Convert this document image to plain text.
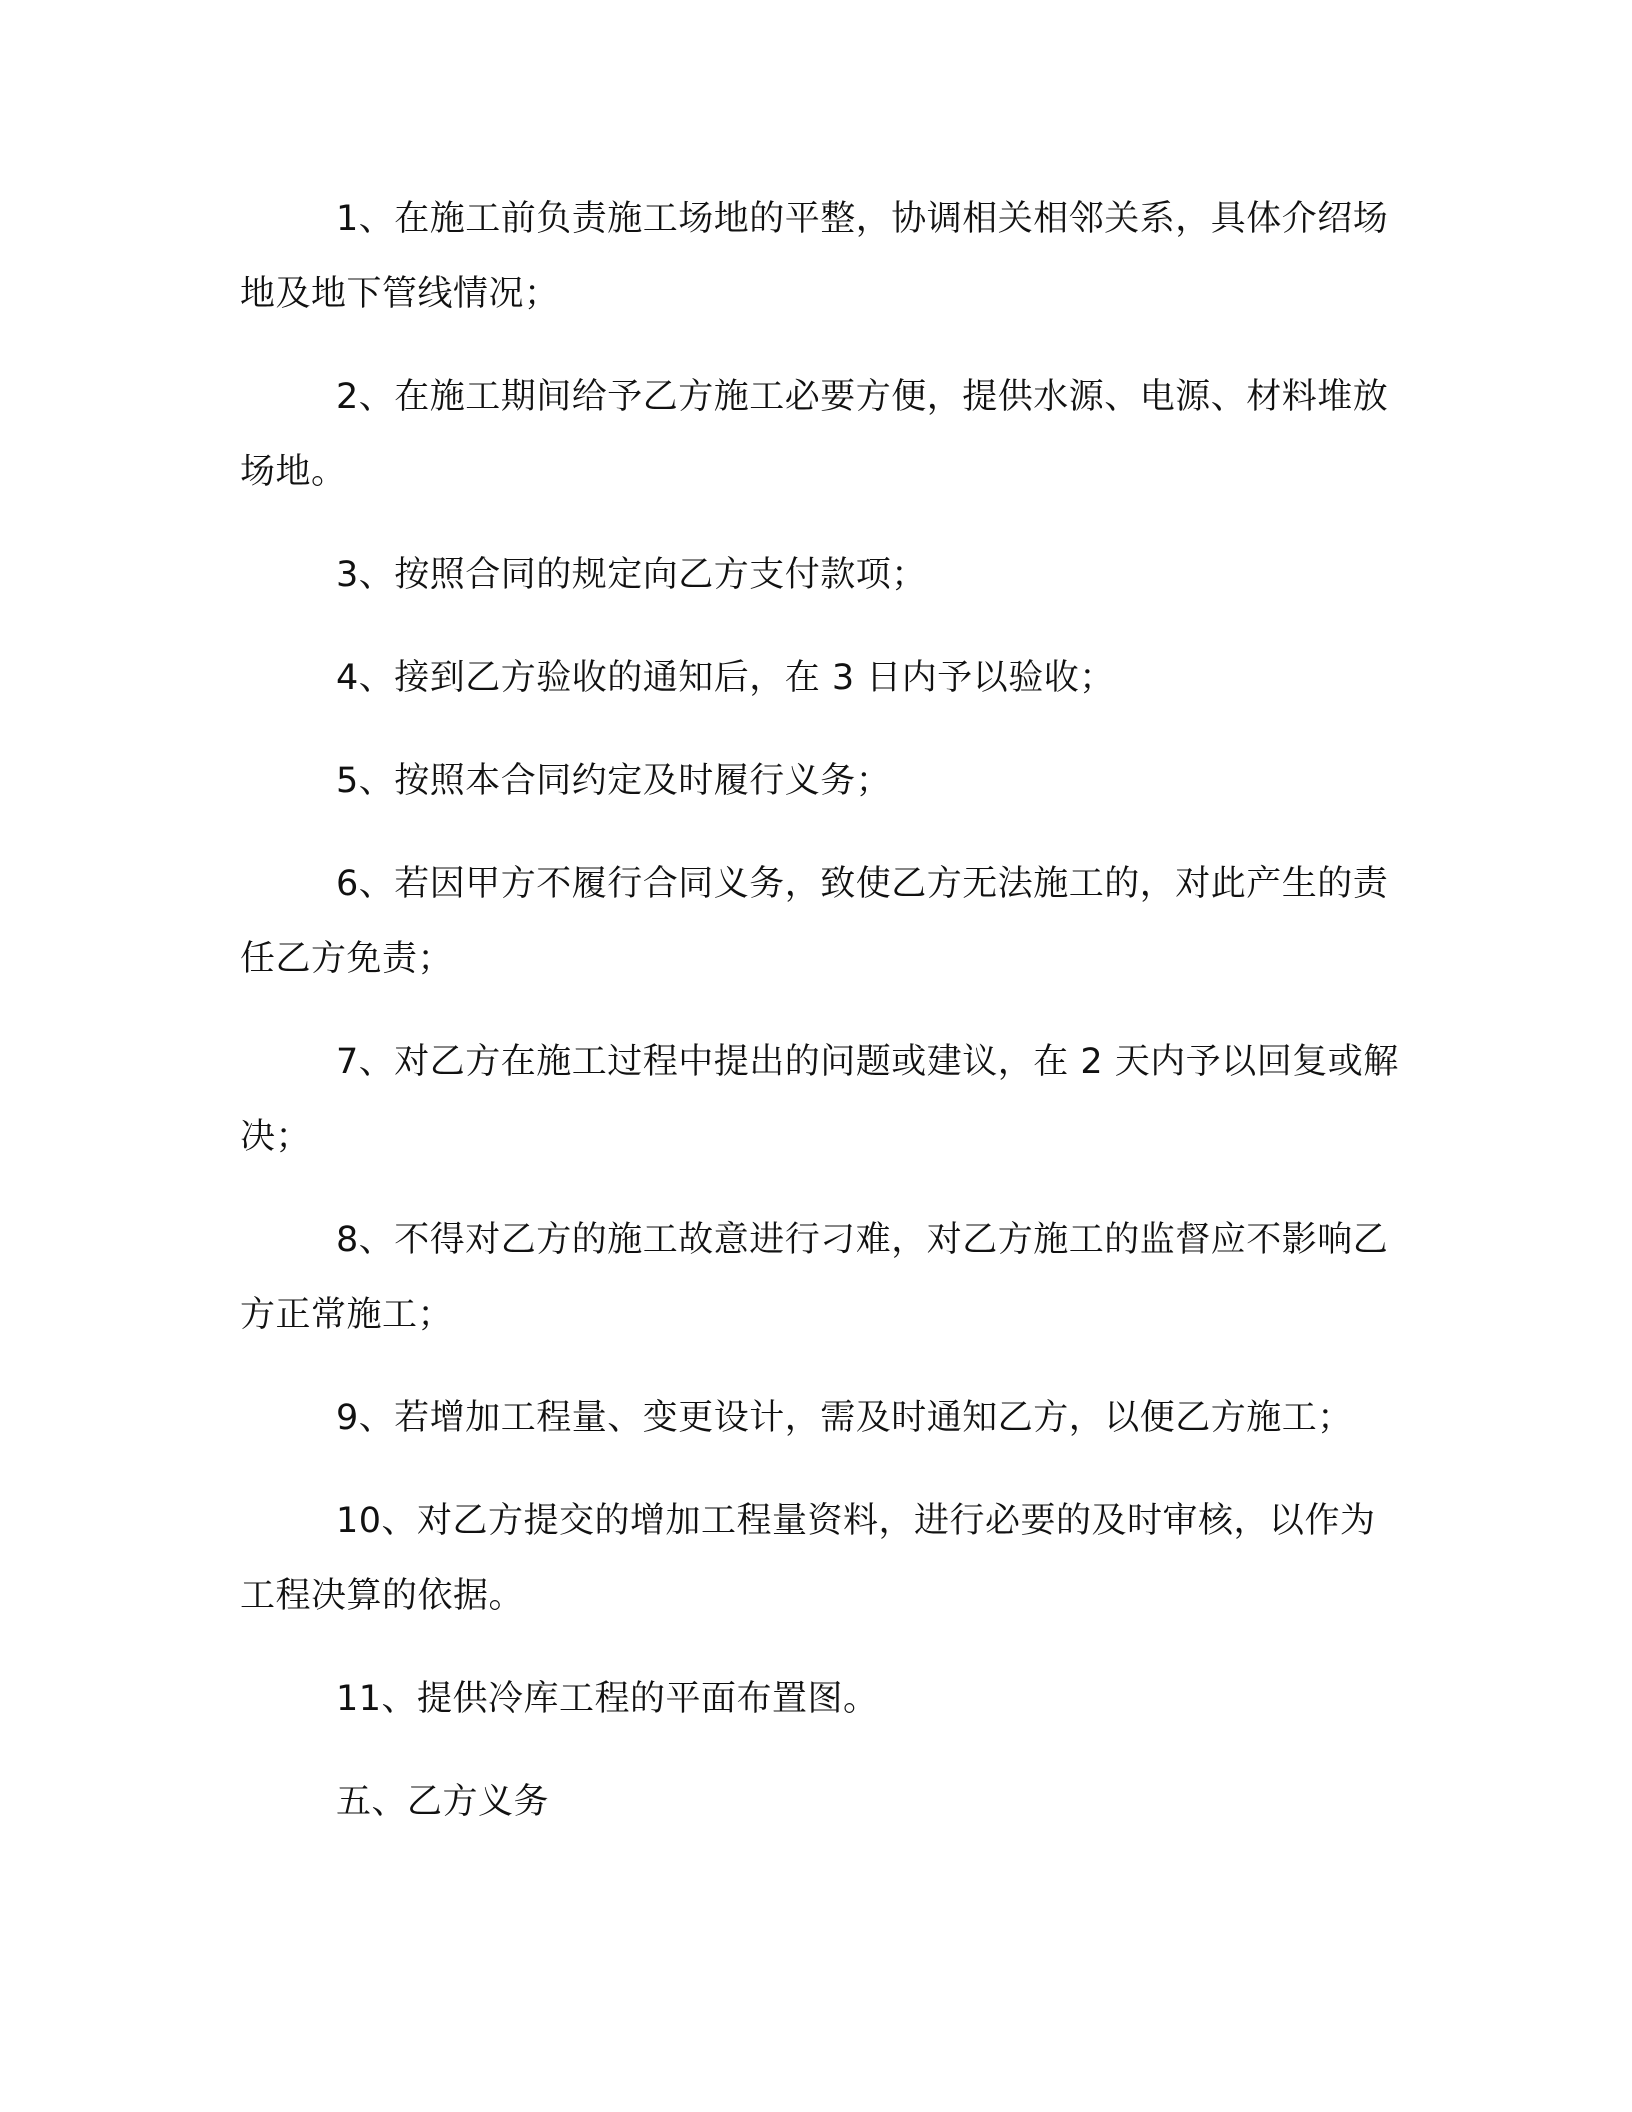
1、在施工前负责施工场地的平整，协调相关相邻关系，具体介绍场地及地下管线情况；

2、在施工期间给予乙方施工必要方便，提供水源、电源、材料堆放场地。

3、按照合同的规定向乙方支付款项；

4、接到乙方验收的通知后，在 3 日内予以验收；

5、按照本合同约定及时履行义务；

6、若因甲方不履行合同义务，致使乙方无法施工的，对此产生的责任乙方免责；

7、对乙方在施工过程中提出的问题或建议，在 2 天内予以回复或解决；

8、不得对乙方的施工故意进行刁难，对乙方施工的监督应不影响乙方正常施工；

9、若增加工程量、变更设计，需及时通知乙方，以便乙方施工；

10、对乙方提交的增加工程量资料，进行必要的及时审核，以作为工程决算的依据。

11、提供冷库工程的平面布置图。

五、乙方义务
